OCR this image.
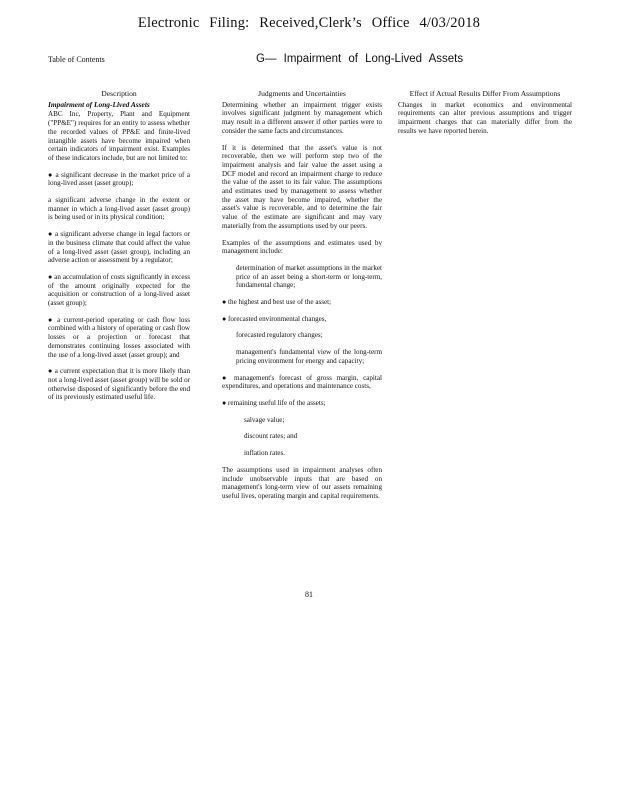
Electronic Filing: Received,Clerk’s Office 4/03/2018
Table of Contents	G— Impairment of Long-Lived Assets
Description
Impairment of Long-Lived Assets

ABC Inc, Property, Plant and Equipment ("PP&E") requires for an entity to assess whether the recorded values of PP&E and finite-lived intangible assets have become impaired when certain indicators of impairment exist. Examples of these indicators include, but are not limited to:

● a significant decrease in the market price of a long-lived asset (asset group);
a significant adverse change in the extent or manner in which a long-lived asset (asset group) is being used or in its physical condition;
● a significant adverse change in legal factors or in the business climate that could affect the value of a long-lived asset (asset group), including an adverse action or assessment by a regulator;
● an accumulation of costs significantly in excess of the amount originally expected for the acquisition or construction of a long-lived asset (asset group);
● a current-period operating or cash flow loss combined with a history of operating or cash flow losses or a projection or forecast that demonstrates continuing losses associated with the use of a long-lived asset (asset group); and
● a current expectation that it is more likely than not a long-lived asset (asset group) will be sold or otherwise disposed of significantly before the end of its previously estimated useful life.
Judgments and Uncertainties

Determining whether an impairment trigger exists involves significant judgment by management which may result in a different answer if other parties were to consider the same facts and circumstances.

If it is determined that the asset's value is not recoverable, then we will perform step two of the impairment analysis and fair value the asset using a DCF model and record an impairment charge to reduce the value of the asset to its fair value. The assumptions and estimates used by management to assess whether the asset may have become impaired, whether the asset's value is recoverable, and to determine the fair value of the estimate are significant and may vary materially from the assumptions used by our peers.

Examples of the assumptions and estimates used by management include:

determination of market assumptions in the market price of an asset being a short-term or long-term, fundamental change;
● the highest and best use of the asset;
● forecasted environmental changes,
forecasted regulatory changes;
management's fundamental view of the long-term pricing environment for energy and capacity;
● management's forecast of gross margin, capital expenditures, and operations and maintenance costs,
● remaining useful life of the assets;
salvage value;
discount rates; and
inflation rates.

The assumptions used in impairment analyses often include unobservable inputs that are based on management's long-term view of our assets remaining useful lives, operating margin and capital requirements.

Effect if Actual Results Differ From Assumptions

Changes in market economics and environmental requirements can alter previous assumptions and trigger impairment charges that can materially differ from the results we have reported herein.

81
